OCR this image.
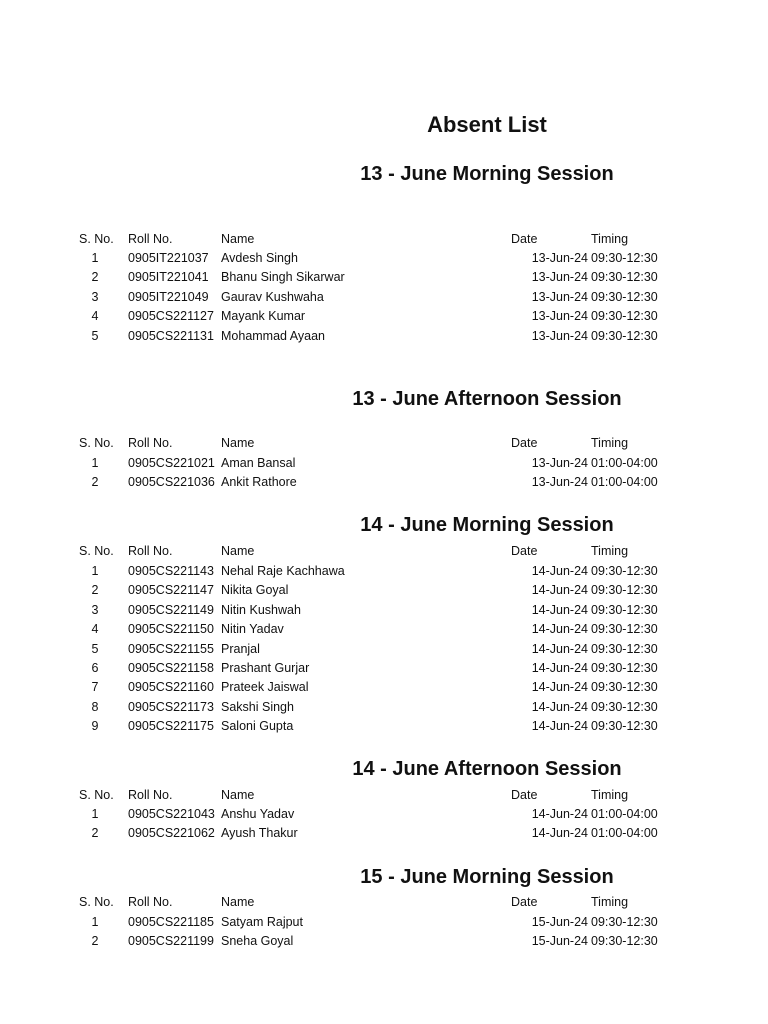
Absent List
13 - June Morning Session
S. No. Roll No.	Name	Date	Timing
1	0905IT221037 Avdesh Singh	13-Jun-24 09:30-12:30
2	0905IT221041 Bhanu Singh Sikarwar	13-Jun-24 09:30-12:30
3	0905IT221049 Gaurav Kushwaha	13-Jun-24 09:30-12:30
4	0905CS221127 Mayank Kumar	13-Jun-24 09:30-12:30
5	0905CS221131 Mohammad Ayaan	13-Jun-24 09:30-12:30
13 - June Afternoon Session
S. No. Roll No.	Name	Date	Timing
1	0905CS221021 Aman Bansal	13-Jun-24 01:00-04:00
2	0905CS221036 Ankit Rathore	13-Jun-24 01:00-04:00
14 - June Morning Session
S. No. Roll No.	Name	Date	Timing
1	0905CS221143 Nehal Raje Kachhawa	14-Jun-24 09:30-12:30
2	0905CS221147 Nikita Goyal	14-Jun-24 09:30-12:30
3	0905CS221149 Nitin Kushwah	14-Jun-24 09:30-12:30
4	0905CS221150 Nitin Yadav	14-Jun-24 09:30-12:30
5	0905CS221155 Pranjal	14-Jun-24 09:30-12:30
6	0905CS221158 Prashant Gurjar	14-Jun-24 09:30-12:30
7	0905CS221160 Prateek Jaiswal	14-Jun-24 09:30-12:30
8	0905CS221173 Sakshi Singh	14-Jun-24 09:30-12:30
9	0905CS221175 Saloni Gupta	14-Jun-24 09:30-12:30
14 - June Afternoon Session
S. No. Roll No.	Name	Date	Timing
1	0905CS221043 Anshu Yadav	14-Jun-24 01:00-04:00
2	0905CS221062 Ayush Thakur	14-Jun-24 01:00-04:00
15 - June Morning Session
S. No. Roll No.	Name	Date	Timing
1	0905CS221185 Satyam Rajput	15-Jun-24 09:30-12:30
2	0905CS221199 Sneha Goyal	15-Jun-24 09:30-12:30
